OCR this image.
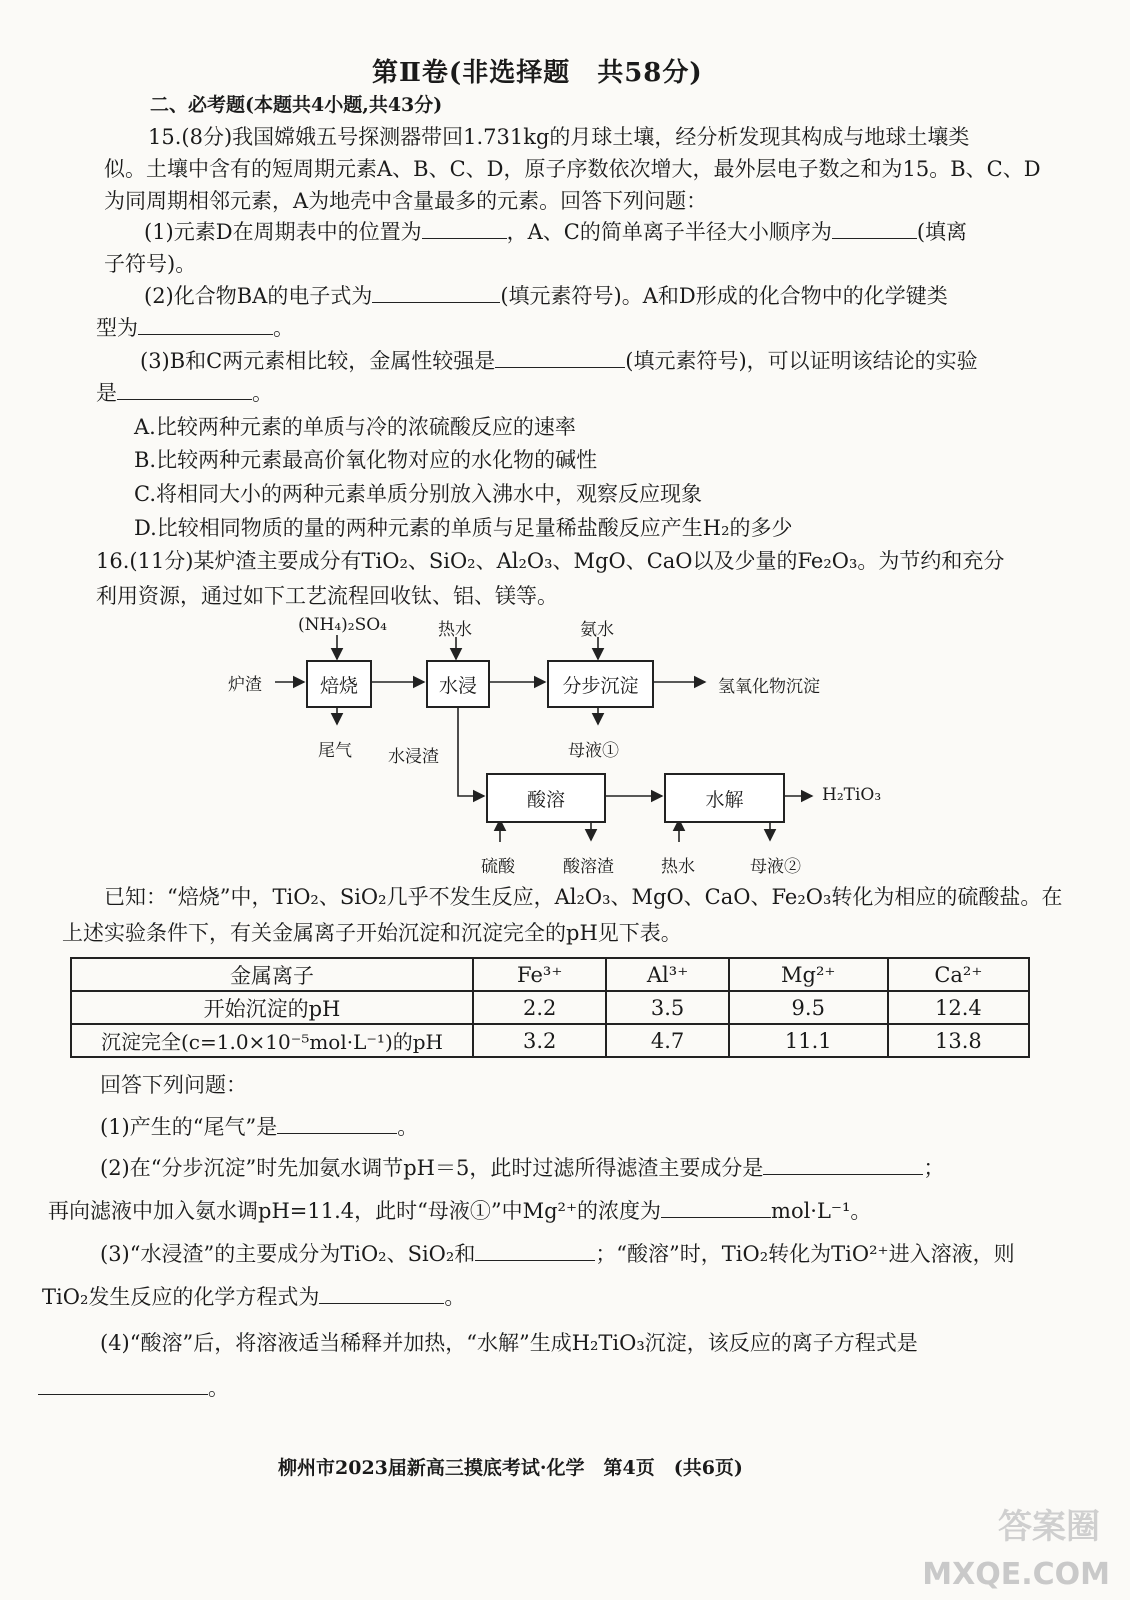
第Ⅱ卷(非选择题　共58分)
二、必考题(本题共4小题,共43分)
15.(8分)我国嫦娥五号探测器带回1.731kg的月球土壤，经分析发现其构成与地球土壤类
似。土壤中含有的短周期元素A、B、C、D，原子序数依次增大，最外层电子数之和为15。B、C、D
为同周期相邻元素，A为地壳中含量最多的元素。回答下列问题：
(1)元素D在周期表中的位置为	，A、C的简单离子半径大小顺序为	(填离
子符号)。
(2)化合物BA的电子式为	(填元素符号)。A和D形成的化合物中的化学键类
型为	。
(3)B和C两元素相比较，金属性较强是	(填元素符号)，可以证明该结论的实验
是	。
A.比较两种元素的单质与冷的浓硫酸反应的速率
B.比较两种元素最高价氧化物对应的水化物的碱性
C.将相同大小的两种元素单质分别放入沸水中，观察反应现象
D.比较相同物质的量的两种元素的单质与足量稀盐酸反应产生H₂的多少
16.(11分)某炉渣主要成分有TiO₂、SiO₂、Al₂O₃、MgO、CaO以及少量的Fe₂O₃。为节约和充分
利用资源，通过如下工艺流程回收钛、铝、镁等。
焙烧	水浸	分步沉淀
酸溶	水解
炉渣
(NH₄)₂SO₄	热水	氨水
氢氧化物沉淀
尾气 水浸渣	母液①
H₂TiO₃
硫酸	酸溶渣	热水	母液②
已知：“焙烧”中，TiO₂、SiO₂几乎不发生反应，Al₂O₃、MgO、CaO、Fe₂O₃转化为相应的硫酸盐。在
上述实验条件下，有关金属离子开始沉淀和沉淀完全的pH见下表。
金属离子	Fe³⁺	Al³⁺	Mg²⁺	Ca²⁺
开始沉淀的pH	2.2	3.5	9.5	12.4
沉淀完全(c=1.0×10⁻⁵mol·L⁻¹)的pH	3.2	4.7	11.1	13.8
回答下列问题：
(1)产生的“尾气”是	。
(2)在“分步沉淀”时先加氨水调节pH＝5，此时过滤所得滤渣主要成分是	；
再向滤液中加入氨水调pH=11.4，此时“母液①”中Mg²⁺的浓度为	mol·L⁻¹。
(3)“水浸渣”的主要成分为TiO₂、SiO₂和	；“酸溶”时，TiO₂转化为TiO²⁺进入溶液，则
TiO₂发生反应的化学方程式为	。
(4)“酸溶”后，将溶液适当稀释并加热，“水解”生成H₂TiO₃沉淀，该反应的离子方程式是
。
柳州市2023届新高三摸底考试·化学　第4页　(共6页)
答案圈
MXQE.COM
